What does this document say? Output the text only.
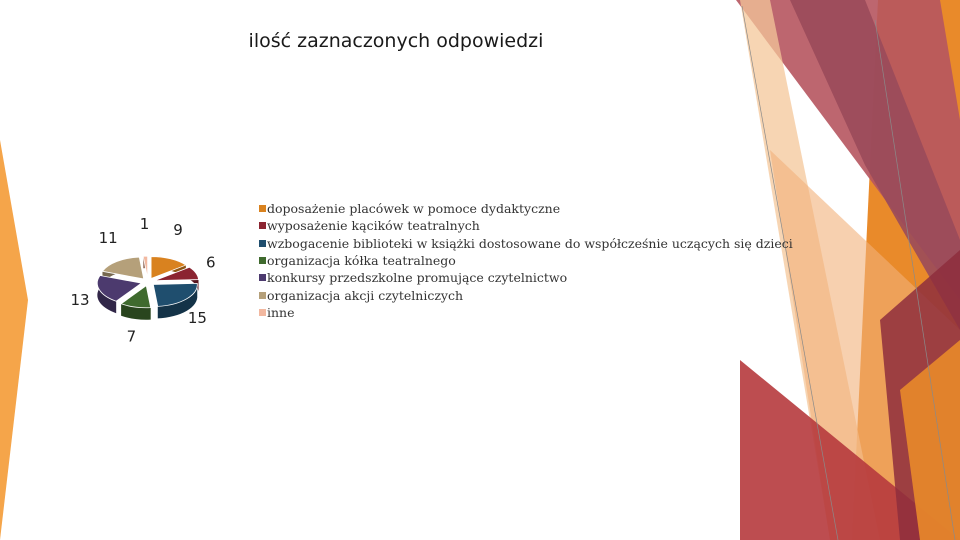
ilość zaznaczonych odpowiedzi
9
6
15
7
13
11
1
doposażenie placówek w pomoce dydaktyczne
wyposażenie kącików teatralnych
wzbogacenie biblioteki w książki dostosowane do współcześnie uczących się dzieci
organizacja kółka teatralnego
konkursy przedszkolne promujące czytelnictwo
organizacja akcji czytelniczych
inne
